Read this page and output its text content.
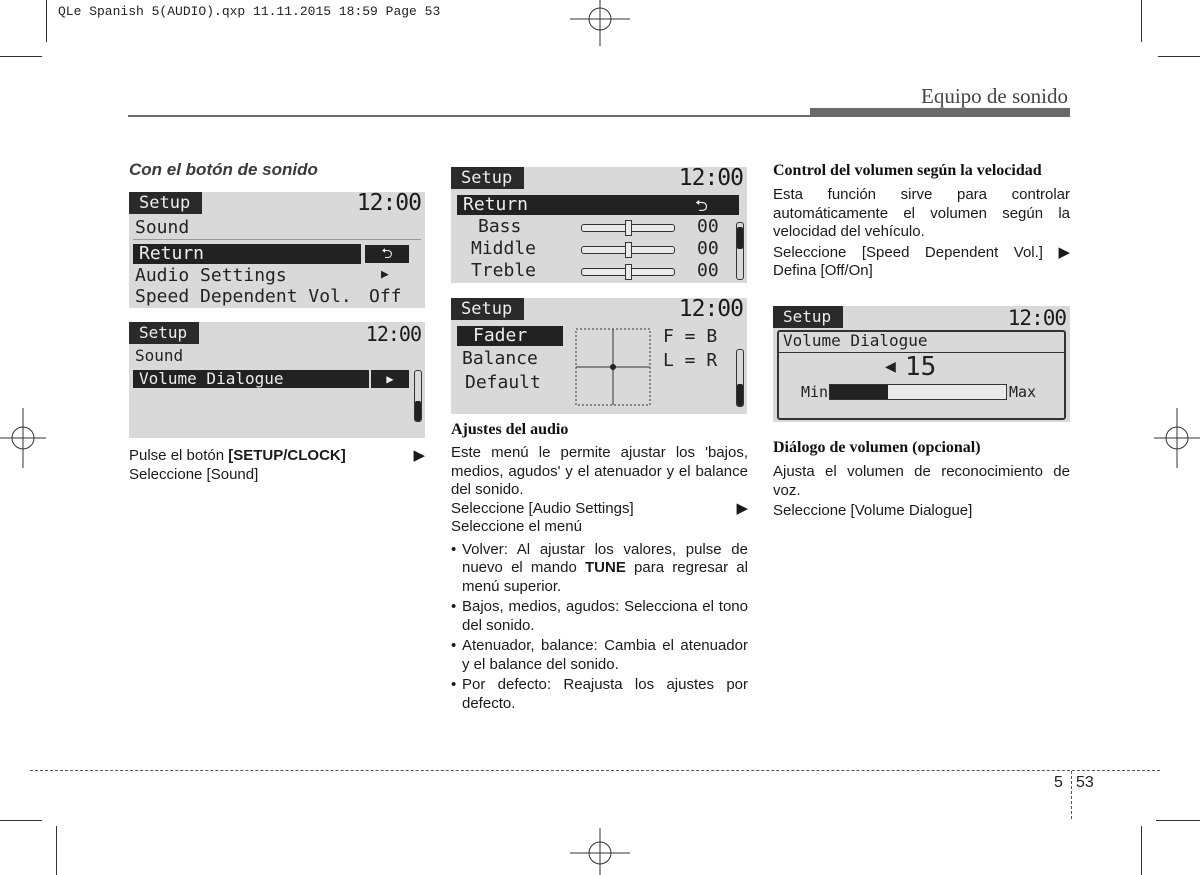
QLe Spanish 5(AUDIO).qxp 11.11.2015 18:59 Page 53
Equipo de sonido
Con el botón de sonido
Setup	12:00
Sound
Return	⮌
Audio Settings	▶
Speed Dependent Vol. Off
Setup	12:00
Sound
Volume Dialogue	▶

Pulse el botón [SETUP/CLOCK]	▶

Seleccione [Sound]

Setup	12:00
Return	⮌
Bass	00
Middle	00
Treble	00
Setup	12:00
Fader
Balance
Default
F = B
L = R
Ajustes del audio

Este menú le permite ajustar los 'bajos, medios, agudos' y el atenuador y el balance del sonido.

Seleccione [Audio Settings]	▶

Seleccione el menú

• Volver: Al ajustar los valores, pulse de nuevo el mando TUNE para regresar al menú superior.
• Bajos, medios, agudos: Selecciona el tono del sonido.
• Atenuador, balance: Cambia el atenuador y el balance del sonido.
• Por defecto: Reajusta los ajustes por defecto.
Control del volumen según la velocidad

Esta función sirve para controlar automáticamente el volumen según la velocidad del vehículo.

Seleccione [Speed Dependent Vol.] ▶ Defina [Off/On]

Setup	12:00
Volume Dialogue
◀ 15
Min	Max
Diálogo de volumen (opcional)

Ajusta el volumen de reconocimiento de voz.

Seleccione [Volume Dialogue]

5 53
